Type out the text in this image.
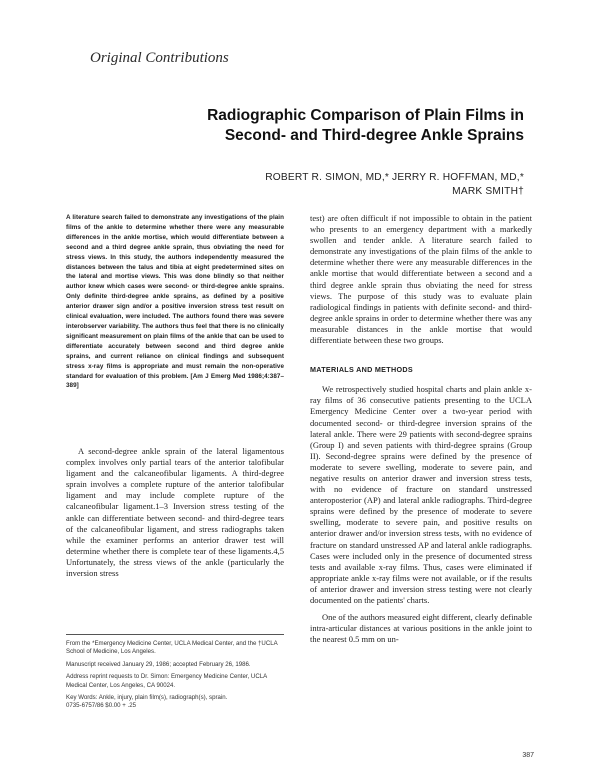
Original Contributions
Radiographic Comparison of Plain Films in
Second- and Third-degree Ankle Sprains
ROBERT R. SIMON, MD,* JERRY R. HOFFMAN, MD,*
MARK SMITH†
A literature search failed to demonstrate any investigations of the plain films of the ankle to determine whether there were any measurable differences in the ankle mortise, which would differentiate between a second and a third degree ankle sprain, thus obviating the need for stress views. In this study, the authors independently measured the distances between the talus and tibia at eight predetermined sites on the lateral and mortise views. This was done blindly so that neither author knew which cases were second- or third-degree ankle sprains. Only definite third-degree ankle sprains, as defined by a positive anterior drawer sign and/or a positive inversion stress test result on clinical evaluation, were included. The authors found there was severe interobserver variability. The authors thus feel that there is no clinically significant measurement on plain films of the ankle that can be used to differentiate accurately between second and third degree ankle sprains, and current reliance on clinical findings and subsequent stress x-ray films is appropriate and must remain the non-operative standard for evaluation of this problem. [Am J Emerg Med 1986;4:387–389]
A second-degree ankle sprain of the lateral ligamentous complex involves only partial tears of the anterior talofibular ligament and the calcaneofibular ligaments. A third-degree sprain involves a complete rupture of the anterior talofibular ligament and may include complete rupture of the calcaneofibular ligament.1–3 Inversion stress testing of the ankle can differentiate between second- and third-degree tears of the calcaneofibular ligament, and stress radiographs taken while the examiner performs an anterior drawer test will determine whether there is complete tear of these ligaments.4,5 Unfortunately, the stress views of the ankle (particularly the inversion stress

From the *Emergency Medicine Center, UCLA Medical Center, and the †UCLA School of Medicine, Los Angeles.

Manuscript received January 29, 1986; accepted February 26, 1986.

Address reprint requests to Dr. Simon: Emergency Medicine Center, UCLA Medical Center, Los Angeles, CA 90024.

Key Words: Ankle, injury, plain film(s), radiograph(s), sprain.

0735-6757/86 $0.00 + .25

test) are often difficult if not impossible to obtain in the patient who presents to an emergency department with a markedly swollen and tender ankle. A literature search failed to demonstrate any investigations of the plain films of the ankle to determine whether there were any measurable differences in the ankle mortise that would differentiate between a second and a third degree ankle sprain thus obviating the need for stress views. The purpose of this study was to evaluate plain radiological findings in patients with definite second- and third-degree ankle sprains in order to determine whether there was any measurable distances in the ankle mortise that would differentiate between these two groups.

MATERIALS AND METHODS

We retrospectively studied hospital charts and plain ankle x-ray films of 36 consecutive patients presenting to the UCLA Emergency Medicine Center over a two-year period with documented second- or third-degree inversion sprains of the lateral ankle. There were 29 patients with second-degree sprains (Group I) and seven patients with third-degree sprains (Group II). Second-degree sprains were defined by the presence of moderate to severe swelling, moderate to severe pain, and negative results on anterior drawer and inversion stress tests, with no evidence of fracture on standard unstressed anteroposterior (AP) and lateral ankle radiographs. Third-degree sprains were defined by the presence of moderate to severe swelling, moderate to severe pain, and positive results on anterior drawer and/or inversion stress tests, with no evidence of fracture on standard unstressed AP and lateral ankle radiographs. Cases were included only in the presence of documented stress tests and available x-ray films. Thus, cases were eliminated if appropriate ankle x-ray films were not available, or if the results of anterior drawer and inversion stress testing were not clearly documented on the patients' charts.

One of the authors measured eight different, clearly definable intra-articular distances at various positions in the ankle joint to the nearest 0.5 mm on un-

387
